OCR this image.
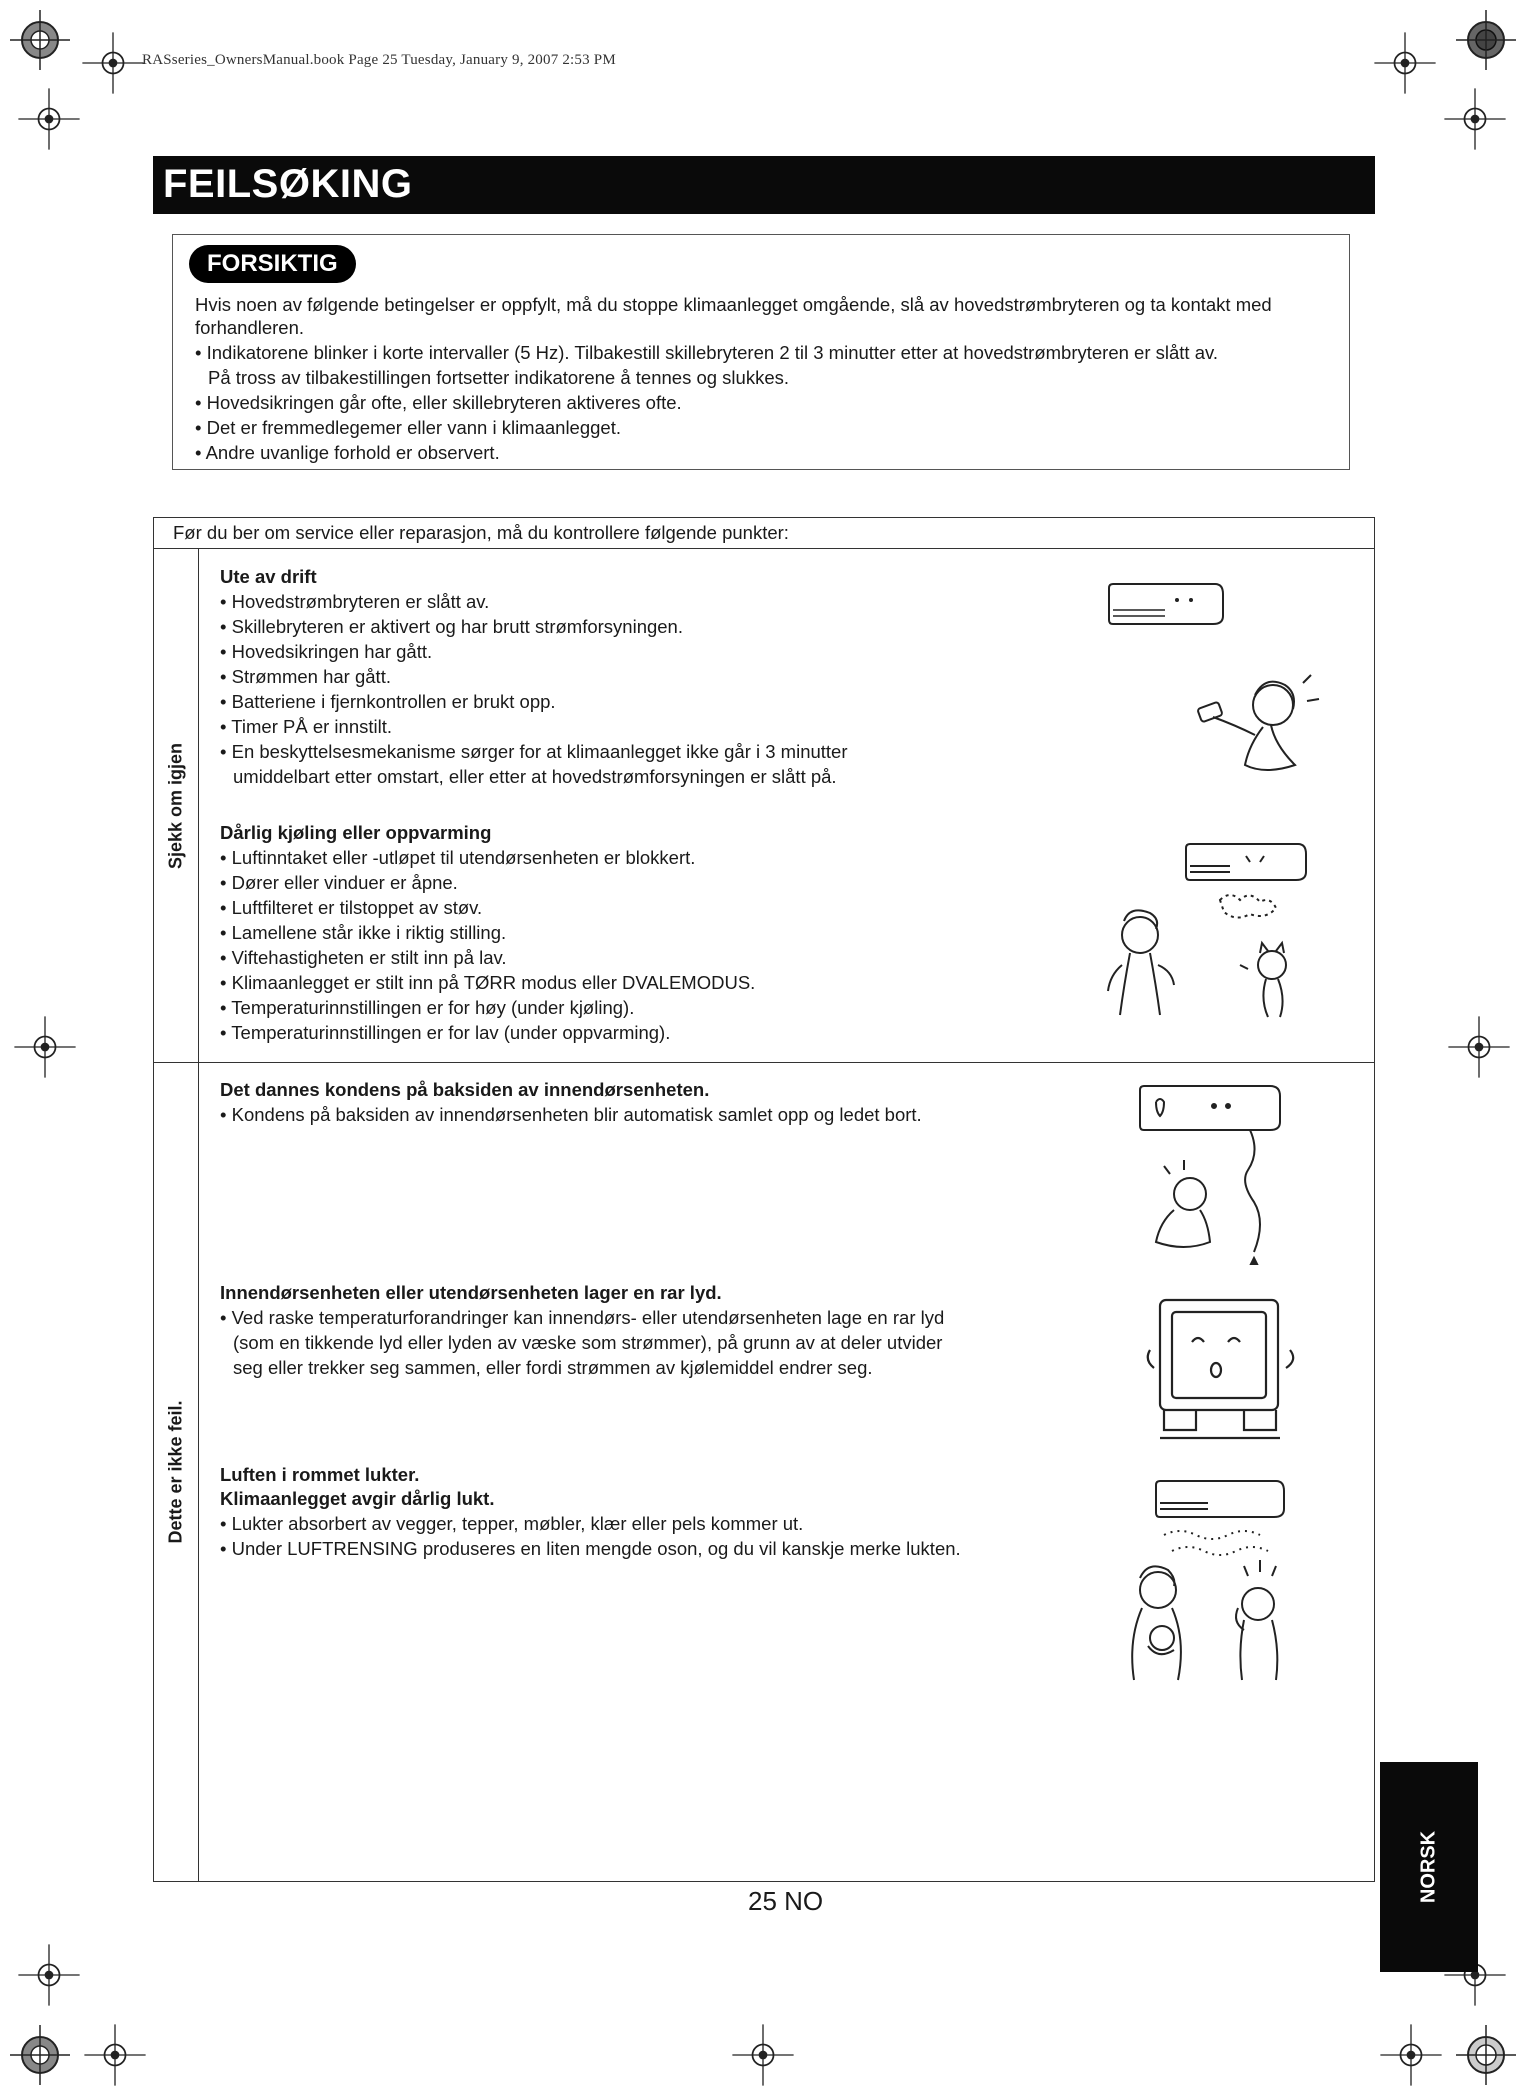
RASseries_OwnersManual.book Page 25 Tuesday, January 9, 2007 2:53 PM
FEILSØKING
FORSIKTIG
Hvis noen av følgende betingelser er oppfylt, må du stoppe klimaanlegget omgående, slå av hovedstrømbryteren og ta kontakt med forhandleren.
• Indikatorene blinker i korte intervaller (5 Hz). Tilbakestill skillebryteren 2 til 3 minutter etter at hovedstrømbryteren er slått av.
På tross av tilbakestillingen fortsetter indikatorene å tennes og slukkes.
• Hovedsikringen går ofte, eller skillebryteren aktiveres ofte.
• Det er fremmedlegemer eller vann i klimaanlegget.
• Andre uvanlige forhold er observert.
Før du ber om service eller reparasjon, må du kontrollere følgende punkter:
Sjekk om igjen
Dette er ikke feil.
Ute av drift
• Hovedstrømbryteren er slått av.
• Skillebryteren er aktivert og har brutt strømforsyningen.
• Hovedsikringen har gått.
• Strømmen har gått.
• Batteriene i fjernkontrollen er brukt opp.
• Timer PÅ er innstilt.
• En beskyttelsesmekanisme sørger for at klimaanlegget ikke går i 3 minutter
umiddelbart etter omstart, eller etter at hovedstrømforsyningen er slått på.
Dårlig kjøling eller oppvarming
• Luftinntaket eller -utløpet til utendørsenheten er blokkert.
• Dører eller vinduer er åpne.
• Luftfilteret er tilstoppet av støv.
• Lamellene står ikke i riktig stilling.
• Viftehastigheten er stilt inn på lav.
• Klimaanlegget er stilt inn på TØRR modus eller DVALEMODUS.
• Temperaturinnstillingen er for høy (under kjøling).
• Temperaturinnstillingen er for lav (under oppvarming).
Det dannes kondens på baksiden av innendørsenheten.
• Kondens på baksiden av innendørsenheten blir automatisk samlet opp og ledet bort.
Innendørsenheten eller utendørsenheten lager en rar lyd.
• Ved raske temperaturforandringer kan innendørs- eller utendørsenheten lage en rar lyd
(som en tikkende lyd eller lyden av væske som strømmer), på grunn av at deler utvider
seg eller trekker seg sammen, eller fordi strømmen av kjølemiddel endrer seg.
Luften i rommet lukter.
Klimaanlegget avgir dårlig lukt.
• Lukter absorbert av vegger, tepper, møbler, klær eller pels kommer ut.
• Under LUFTRENSING produseres en liten mengde oson, og du vil kanskje merke lukten.
25 NO	NORSK
